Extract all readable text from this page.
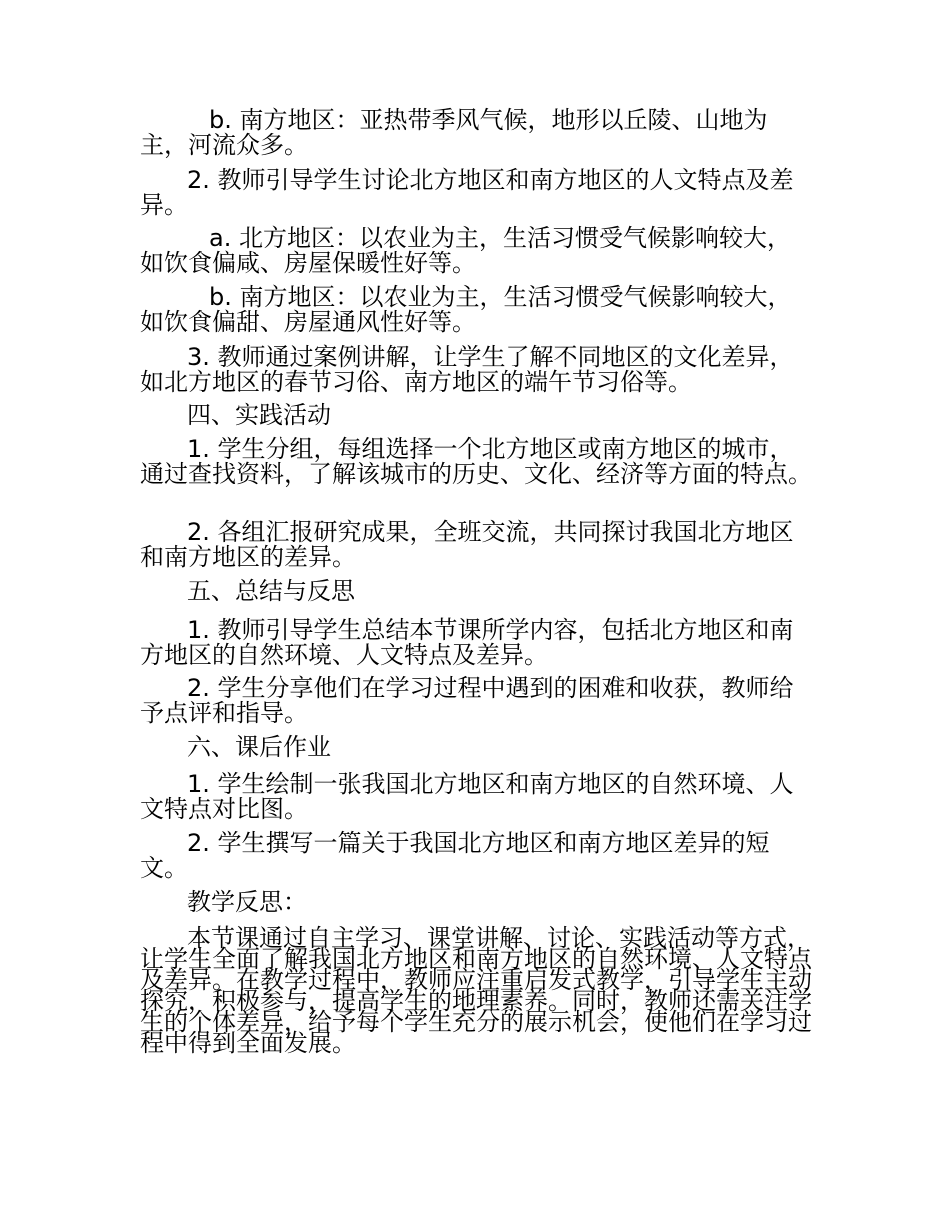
b. 南方地区：亚热带季风气候，地形以丘陵、山地为主，河流众多。

2. 教师引导学生讨论北方地区和南方地区的人文特点及差异。

a. 北方地区：以农业为主，生活习惯受气候影响较大，如饮食偏咸、房屋保暖性好等。

b. 南方地区：以农业为主，生活习惯受气候影响较大，如饮食偏甜、房屋通风性好等。

3. 教师通过案例讲解，让学生了解不同地区的文化差异，如北方地区的春节习俗、南方地区的端午节习俗等。

四、实践活动

1. 学生分组，每组选择一个北方地区或南方地区的城市，通过查找资料，了解该城市的历史、文化、经济等方面的特点。

2. 各组汇报研究成果，全班交流，共同探讨我国北方地区和南方地区的差异。

五、总结与反思

1. 教师引导学生总结本节课所学内容，包括北方地区和南方地区的自然环境、人文特点及差异。

2. 学生分享他们在学习过程中遇到的困难和收获，教师给予点评和指导。

六、课后作业

1. 学生绘制一张我国北方地区和南方地区的自然环境、人文特点对比图。

2. 学生撰写一篇关于我国北方地区和南方地区差异的短文。

教学反思：

本节课通过自主学习、课堂讲解、讨论、实践活动等方式，让学生全面了解我国北方地区和南方地区的自然环境、人文特点及差异。在教学过程中，教师应注重启发式教学，引导学生主动探究，积极参与，提高学生的地理素养。同时，教师还需关注学生的个体差异，给予每个学生充分的展示机会，使他们在学习过程中得到全面发展。
